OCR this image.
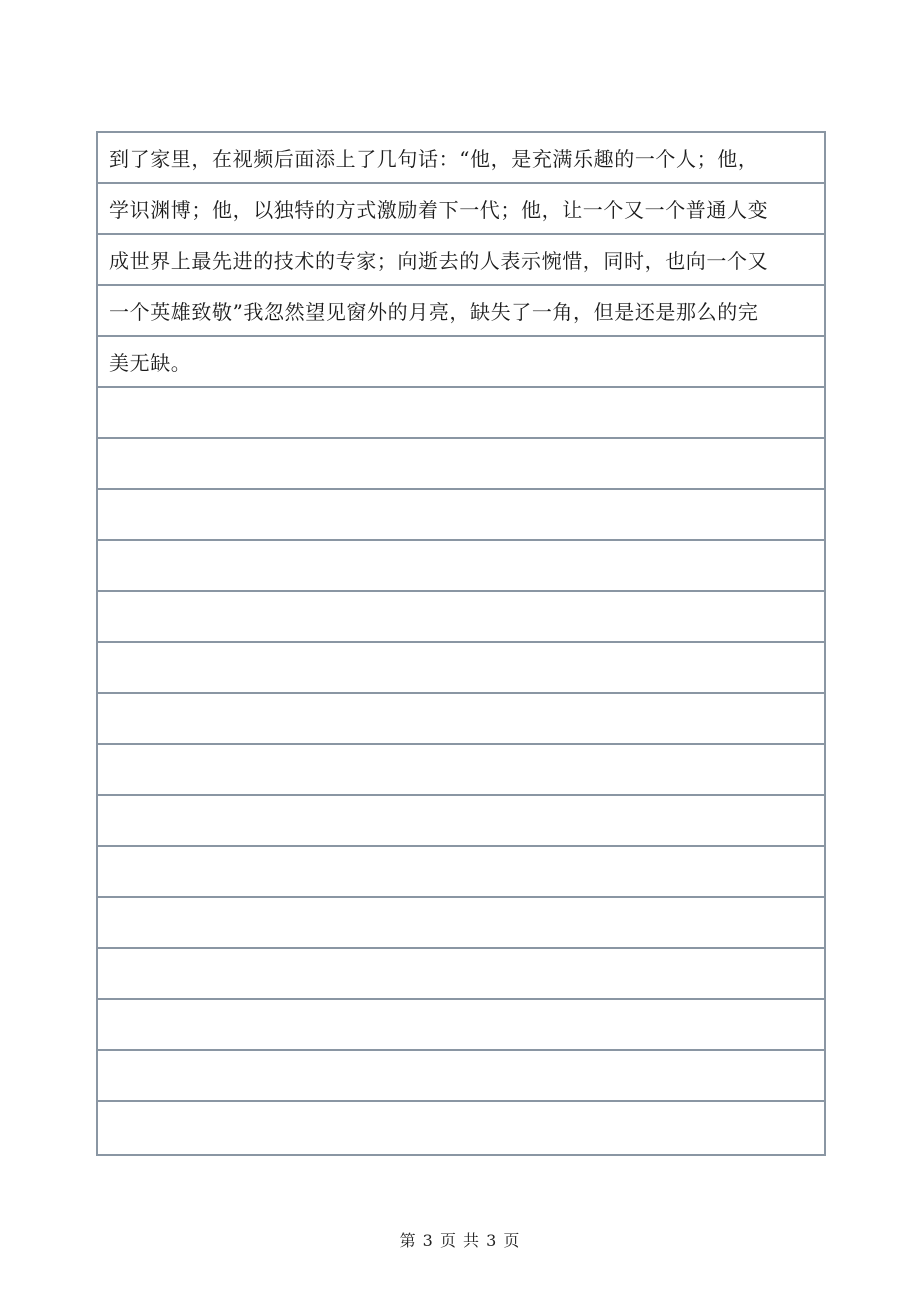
到了家里，在视频后面添上了几句话：“他，是充满乐趣的一个人；他，
学识渊博；他，以独特的方式激励着下一代；他，让一个又一个普通人变
成世界上最先进的技术的专家；向逝去的人表示惋惜，同时，也向一个又
一个英雄致敬”我忽然望见窗外的月亮，缺失了一角，但是还是那么的完
美无缺。
第 3 页 共 3 页
